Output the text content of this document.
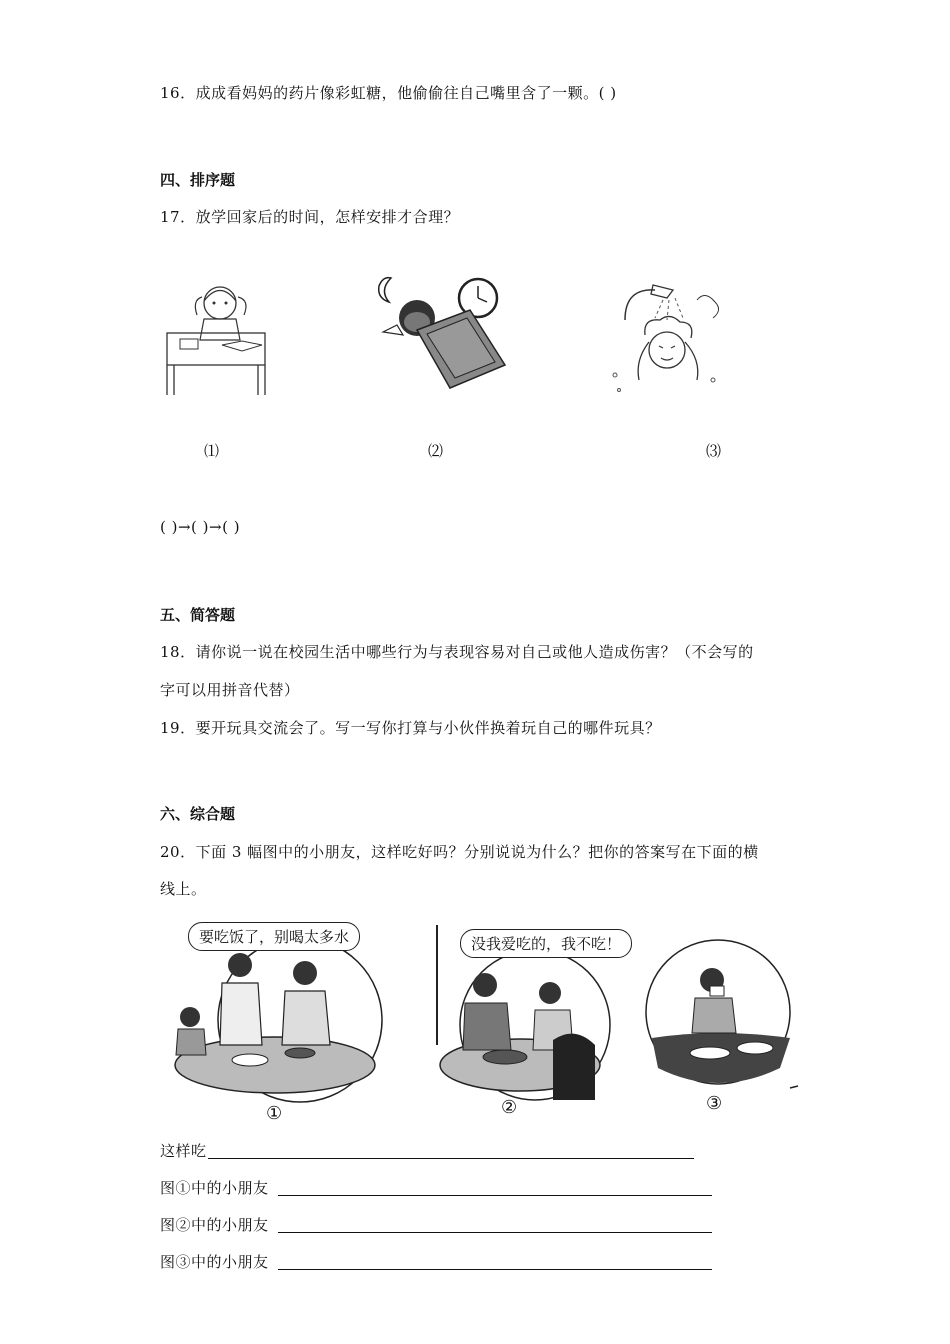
16．成成看妈妈的药片像彩虹糖，他偷偷往自己嘴里含了一颗。( )
四、排序题
17．放学回家后的时间，怎样安排才合理？
⑴	⑵	⑶
( )→( )→( )
五、简答题
18．请你说一说在校园生活中哪些行为与表现容易对自己或他人造成伤害？（不会写的
字可以用拼音代替）
19．要开玩具交流会了。写一写你打算与小伙伴换着玩自己的哪件玩具？
六、综合题
20．下面 3 幅图中的小朋友，这样吃好吗？分别说说为什么？把你的答案写在下面的横
线上。
要吃饭了，别喝太多水
①
没我爱吃的，我不吃！
②	③
这样吃
图①中的小朋友
图②中的小朋友
图③中的小朋友
